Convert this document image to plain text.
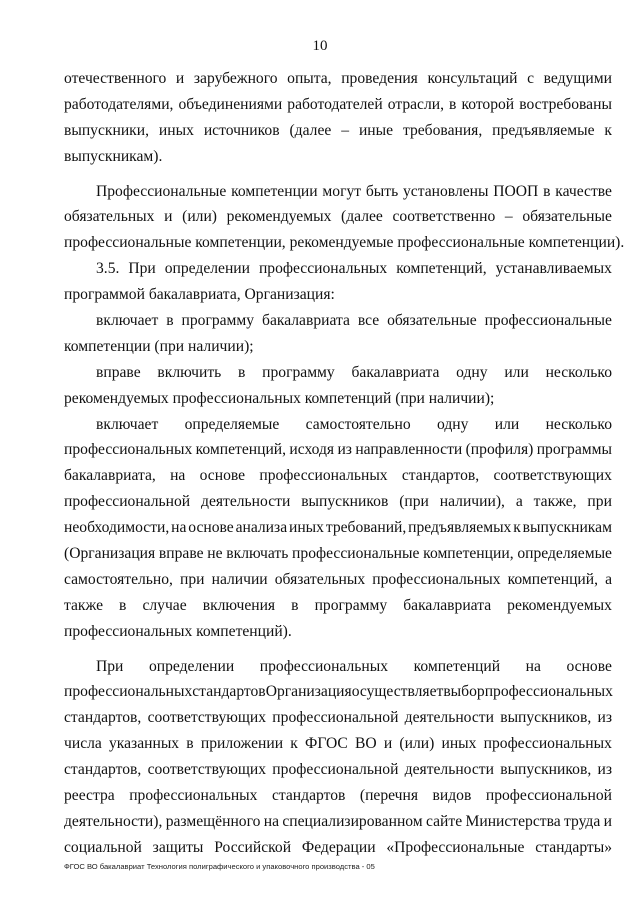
10
отечественного и зарубежного опыта, проведения консультаций с ведущими
работодателями, объединениями работодателей отрасли, в которой востребованы
выпускники, иных источников (далее – иные требования, предъявляемые к
выпускникам).
Профессиональные компетенции могут быть установлены ПООП в качестве
обязательных и (или) рекомендуемых (далее соответственно – обязательные
профессиональные компетенции, рекомендуемые профессиональные компетенции).
3.5. При определении профессиональных компетенций, устанавливаемых
программой бакалавриата, Организация:
включает в программу бакалавриата все обязательные профессиональные
компетенции (при наличии);
вправе включить в программу бакалавриата одну или несколько
рекомендуемых профессиональных компетенций (при наличии);
включает определяемые самостоятельно одну или несколько
профессиональных компетенций, исходя из направленности (профиля) программы
бакалавриата, на основе профессиональных стандартов, соответствующих
профессиональной деятельности выпускников (при наличии), а также, при
необходимости, на основе анализа иных требований, предъявляемых к выпускникам
(Организация вправе не включать профессиональные компетенции, определяемые
самостоятельно, при наличии обязательных профессиональных компетенций, а
также в случае включения в программу бакалавриата рекомендуемых
профессиональных компетенций).
При определении профессиональных компетенций на основе
профессиональных стандартов Организация осуществляет выбор профессиональных
стандартов, соответствующих профессиональной деятельности выпускников, из
числа указанных в приложении к ФГОС ВО и (или) иных профессиональных
стандартов, соответствующих профессиональной деятельности выпускников, из
реестра профессиональных стандартов (перечня видов профессиональной
деятельности), размещённого на специализированном сайте Министерства труда и
социальной защиты Российской Федерации «Профессиональные стандарты»
ФГОС ВО бакалавриат Технология полиграфического и упаковочного производства - 05
